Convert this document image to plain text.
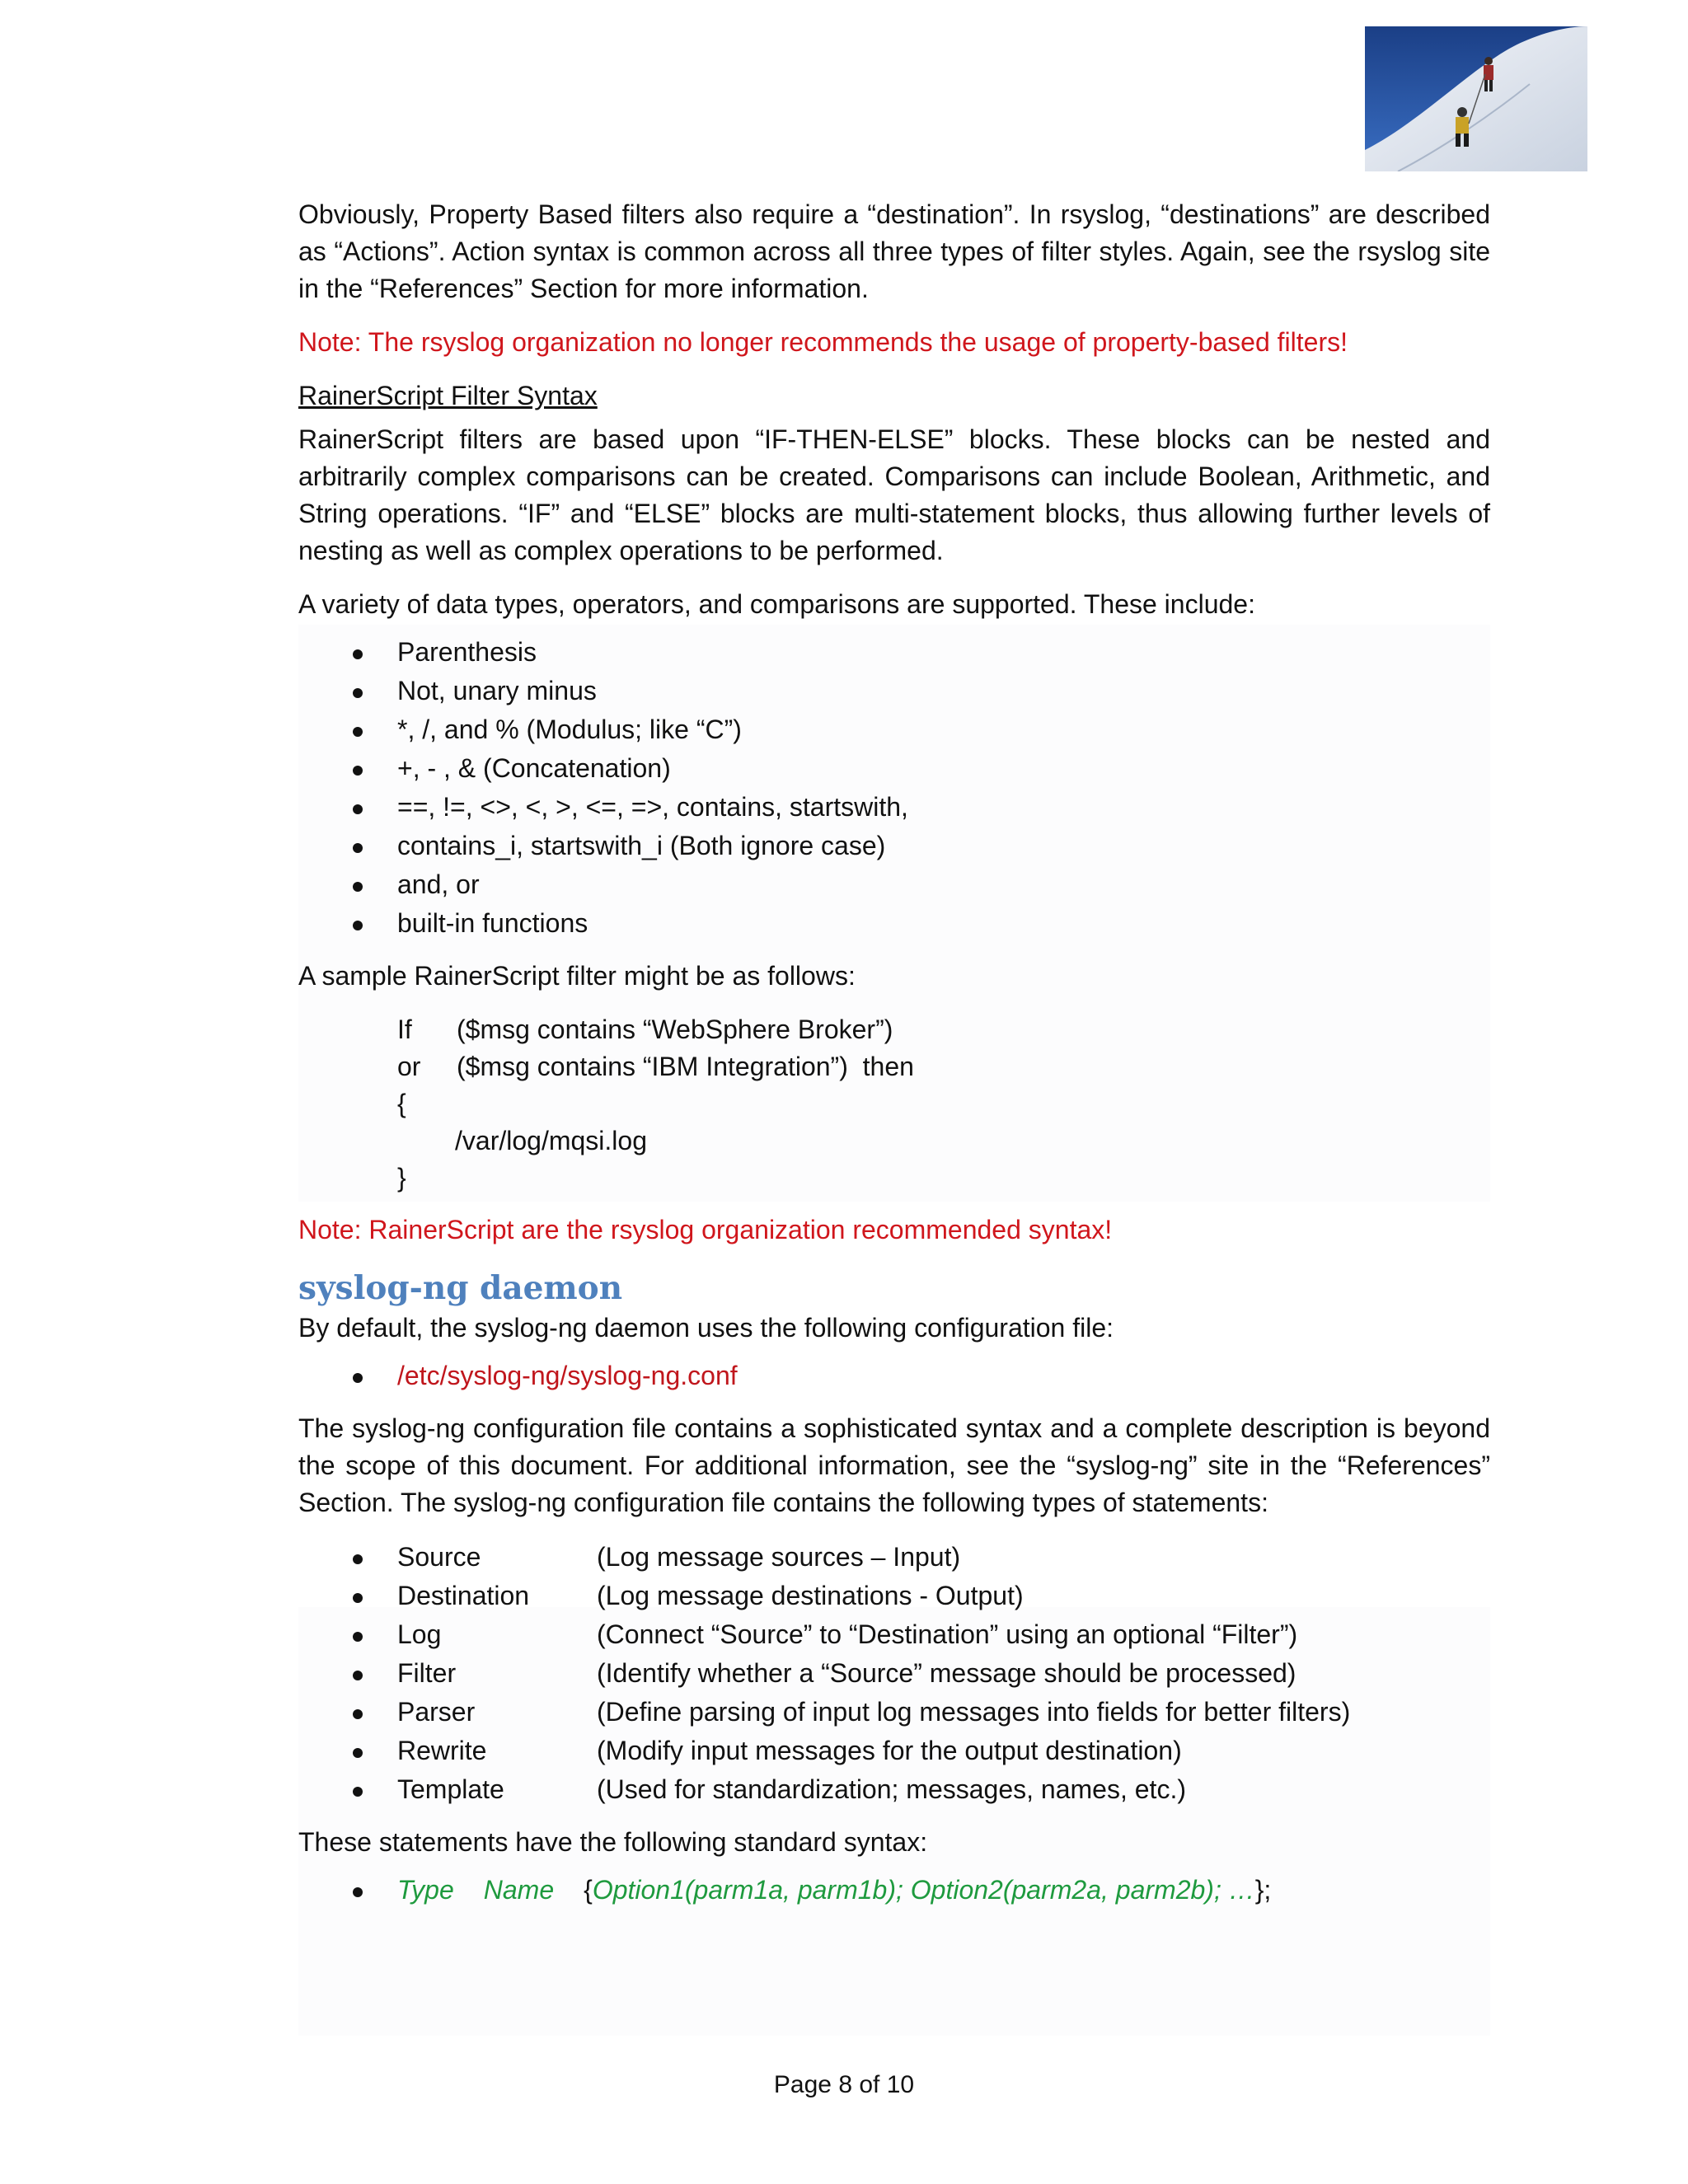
Obviously, Property Based filters also require a “destination”. In rsyslog, “destinations” are described as “Actions”. Action syntax is common across all three types of filter styles. Again, see the rsyslog site in the “References” Section for more information.

Note: The rsyslog organization no longer recommends the usage of property-based filters!

RainerScript Filter Syntax

RainerScript filters are based upon “IF-THEN-ELSE” blocks. These blocks can be nested and arbitrarily complex comparisons can be created. Comparisons can include Boolean, Arithmetic, and String operations. “IF” and “ELSE” blocks are multi-statement blocks, thus allowing further levels of nesting as well as complex operations to be performed.

A variety of data types, operators, and comparisons are supported. These include:

Parenthesis
Not, unary minus
*, /, and % (Modulus; like “C”)
+, - , & (Concatenation)
==, !=, <>, <, >, <=, =>, contains, startswith,
contains_i, startswith_i (Both ignore case)
and, or
built-in functions

A sample RainerScript filter might be as follows:

If ($msg contains “WebSphere Broker”)
or ($msg contains “IBM Integration”)  then
{
/var/log/mqsi.log
}

Note: RainerScript are the rsyslog organization recommended syntax!

syslog-ng daemon

By default, the syslog-ng daemon uses the following configuration file:

/etc/syslog-ng/syslog-ng.conf

The syslog-ng configuration file contains a sophisticated syntax and a complete description is beyond the scope of this document. For additional information, see the “syslog-ng” site in the “References” Section. The syslog-ng configuration file contains the following types of statements:

Source	(Log message sources – Input)
Destination	(Log message destinations - Output)
Log	(Connect “Source” to “Destination” using an optional “Filter”)
Filter	(Identify whether a “Source” message should be processed)
Parser	(Define parsing of input log messages into fields for better filters)
Rewrite	(Modify input messages for the output destination)
Template	(Used for standardization; messages, names, etc.)

These statements have the following standard syntax:

Type Name {Option1(parm1a, parm1b); Option2(parm2a, parm2b); …};
Page 8 of 10
